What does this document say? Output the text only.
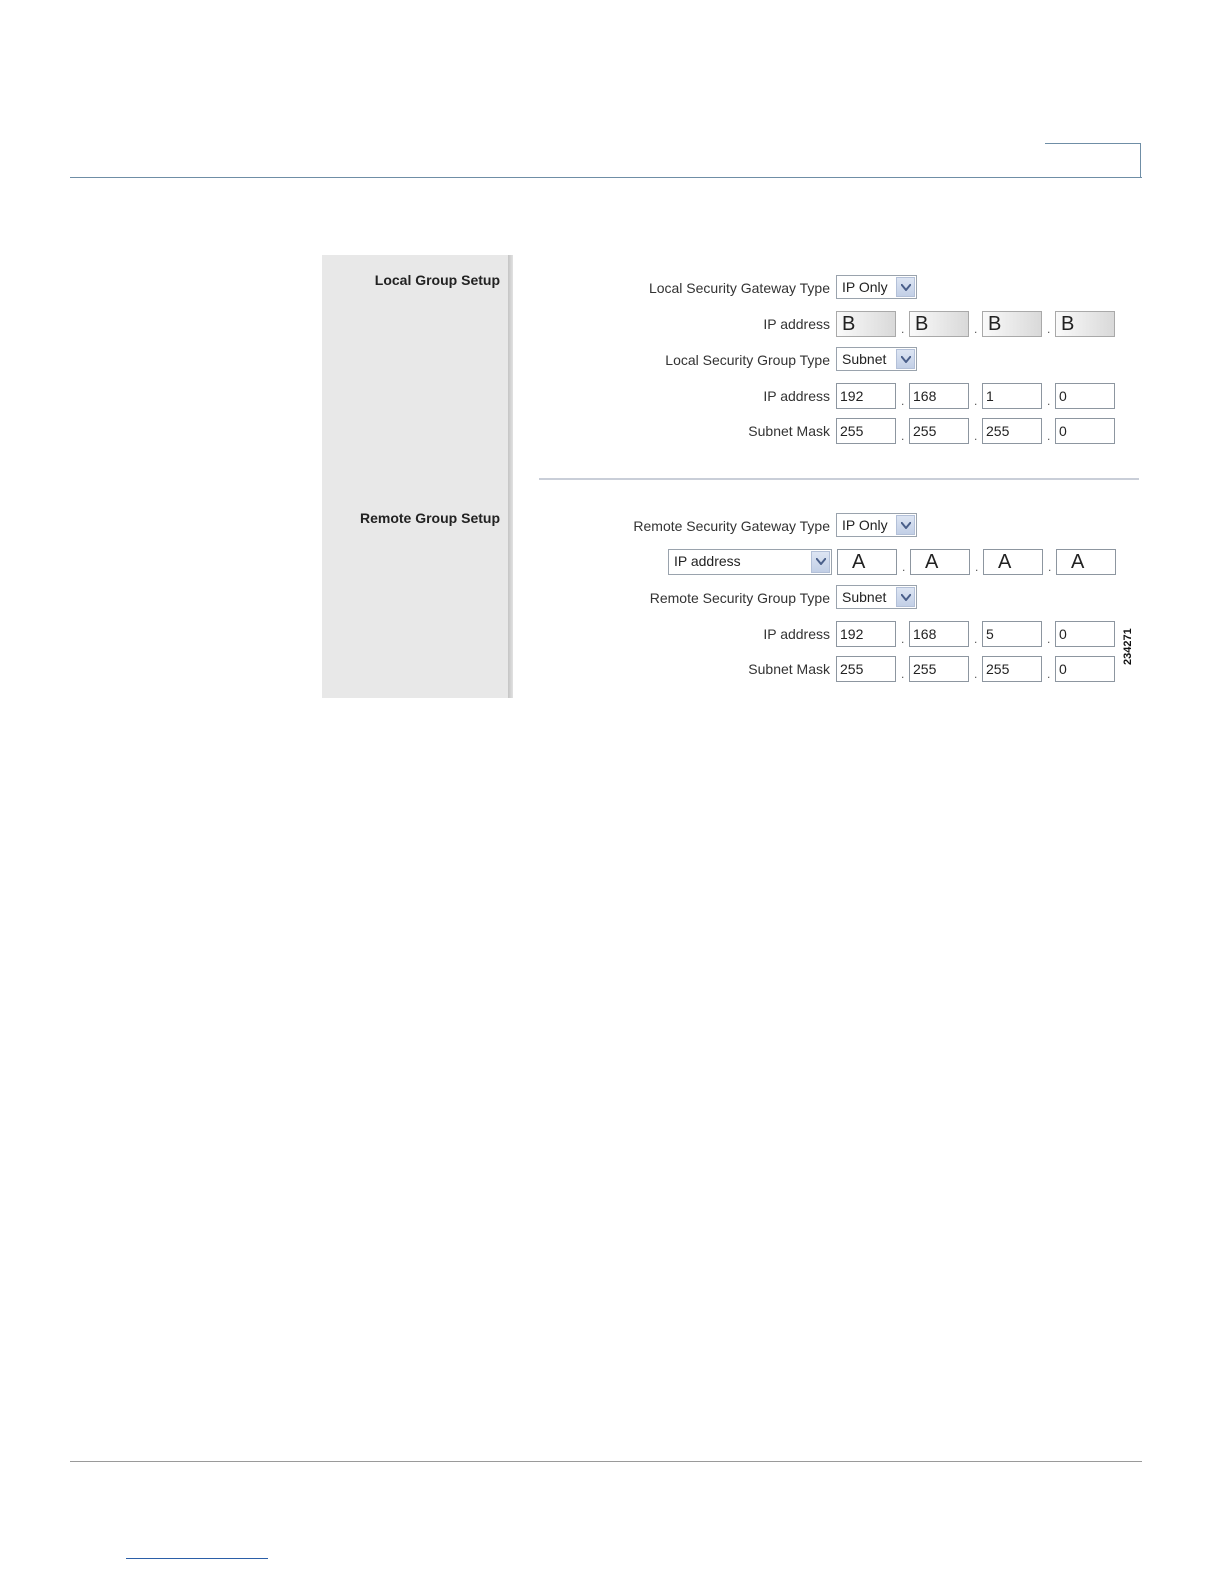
Local Group Setup
Remote Group Setup
Local Security Gateway Type IP Only
IP address B	. B	. B	. B
Local Security Group Type Subnet
IP address 192	. 168	. 1	. 0
Subnet Mask 255	. 255	. 255	. 0
Remote Security Gateway Type IP Only
IP address	A	. A	. A	. A
Remote Security Group Type Subnet
IP address 192	. 168	. 5	. 0
Subnet Mask 255	. 255	. 255	. 0
234271
